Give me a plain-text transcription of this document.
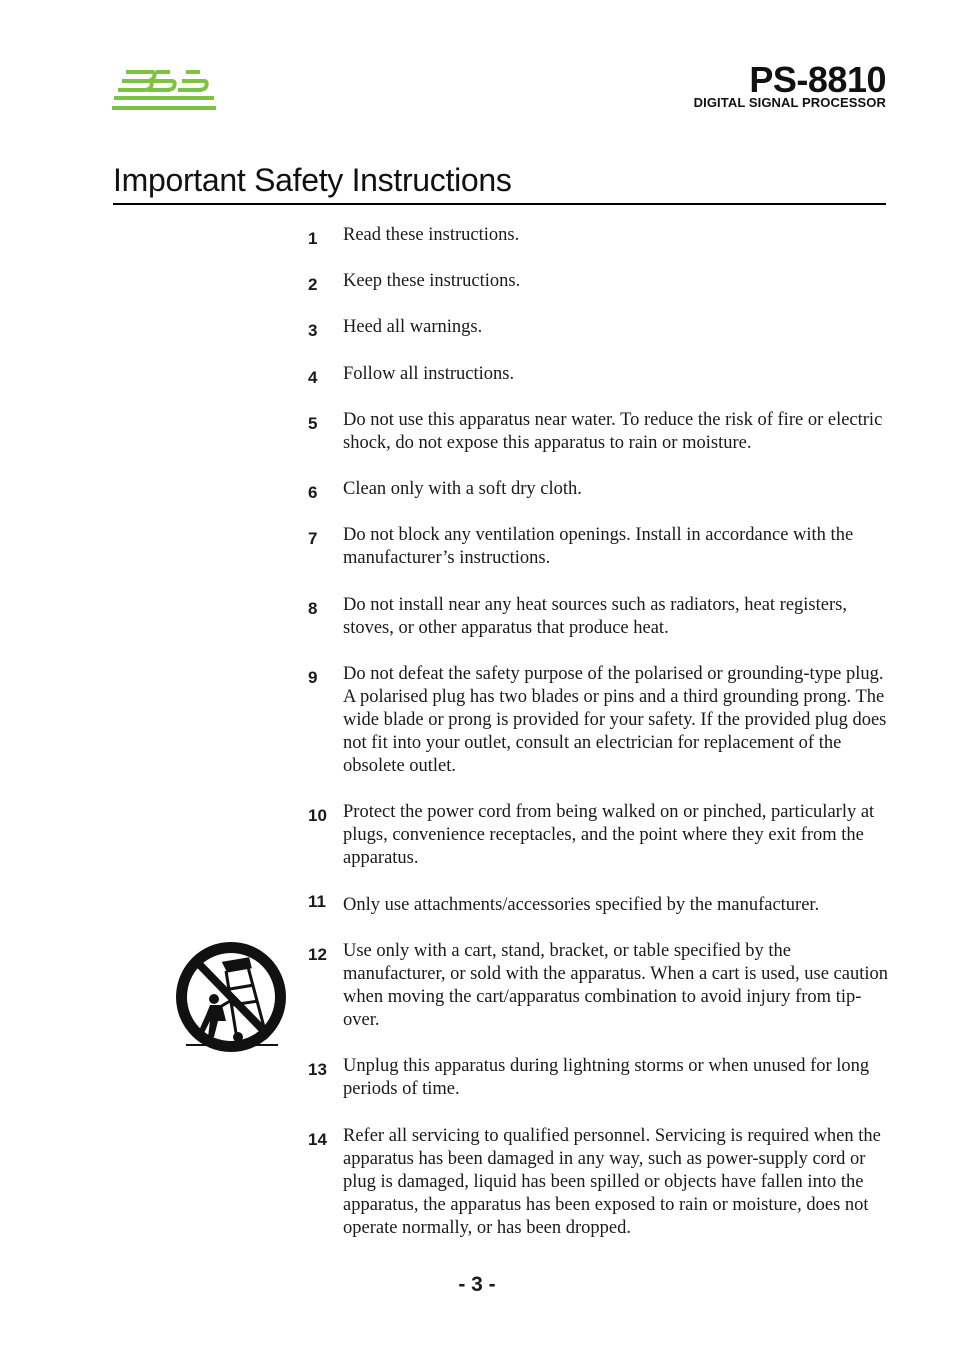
PS-8810
DIGITAL SIGNAL PROCESSOR
Important Safety Instructions
1	Read these instructions.
2	Keep these instructions.
3	Heed all warnings.
4	Follow all instructions.
5	Do not use this apparatus near water. To reduce the risk of fire or electric shock, do not expose this apparatus to rain or moisture.
6	Clean only with a soft dry cloth.
7	Do not block any ventilation openings. Install in accordance with the manufacturer’s instructions.
8	Do not install near any heat sources such as radiators, heat registers, stoves, or other apparatus that produce heat.
9	Do not defeat the safety purpose of the polarised or grounding-type plug. A polarised plug has two blades or pins and a third grounding prong. The wide blade or prong is provided for your safety. If the provided plug does not fit into your outlet, consult an electrician for replacement of the obsolete outlet.
10 Protect the power cord from being walked on or pinched, particularly at plugs, convenience receptacles, and the point where they exit from the apparatus.
11 Only use attachments/accessories specified by the manufacturer.
12 Use only with a cart, stand, bracket, or table specified by the manufacturer, or sold with the apparatus. When a cart is used, use caution when moving the cart/apparatus combination to avoid injury from tip-over.
13 Unplug this apparatus during lightning storms or when unused for long periods of time.
14 Refer all servicing to qualified personnel. Servicing is required when the apparatus has been damaged in any way, such as power-supply cord or plug is damaged, liquid has been spilled or objects have fallen into the apparatus, the apparatus has been exposed to rain or moisture, does not operate normally, or has been dropped.
- 3 -
